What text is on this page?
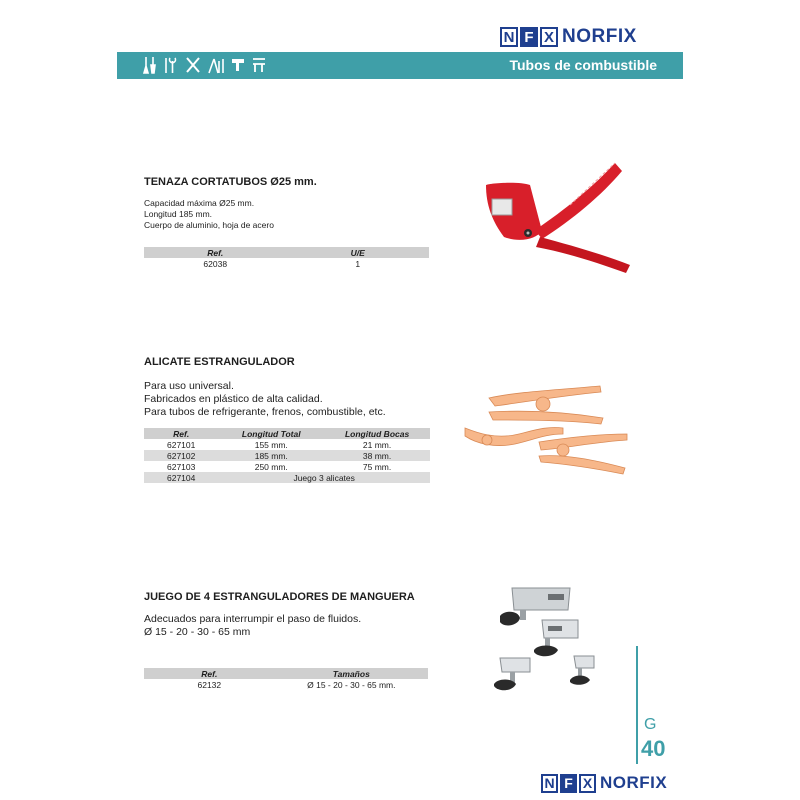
N F X NORFIX
Tubos de combustible
TENAZA CORTATUBOS Ø25 mm.
Capacidad máxima Ø25 mm.
Longitud 185 mm.
Cuerpo de aluminio, hoja de acero
Ref.	U/E
62038	1
ALICATE ESTRANGULADOR
Para uso universal.
Fabricados en plástico de alta calidad.
Para tubos de refrigerante, frenos, combustible, etc.
Ref.	Longitud Total	Longitud Bocas
627101	155 mm.	21 mm.
627102	185 mm.	38 mm.
627103	250 mm.	75 mm.
627104	Juego 3 alicates	
JUEGO DE 4 ESTRANGULADORES DE MANGUERA
Adecuados para interrumpir el paso de fluidos.
Ø 15 - 20 - 30 - 65 mm
Ref.	Tamaños
62132	Ø 15 - 20 - 30 - 65 mm.
G
40
N F X NORFIX
